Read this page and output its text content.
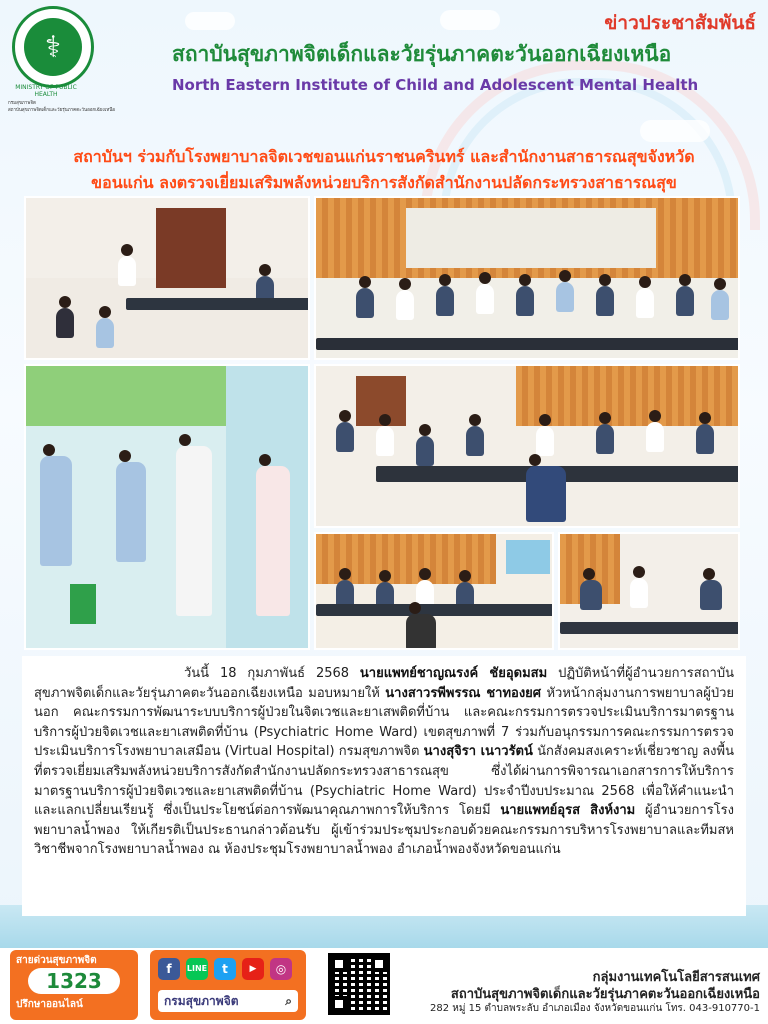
⚕
MINISTRY OF PUBLIC HEALTH
กรมสุขภาพจิต
สถาบันสุขภาพจิตเด็กและวัยรุ่นภาคตะวันออกเฉียงเหนือ
ข่าวประชาสัมพันธ์
สถาบันสุขภาพจิตเด็กและวัยรุ่นภาคตะวันออกเฉียงเหนือ
North Eastern Institute of Child and Adolescent Mental Health
สถาบันฯ ร่วมกับโรงพยาบาลจิตเวชขอนแก่นราชนครินทร์ และสำนักงานสาธารณสุขจังหวัด
ขอนแก่น ลงตรวจเยี่ยมเสริมพลังหน่วยบริการสังกัดสำนักงานปลัดกระทรวงสาธารณสุข
วันนี้ 18 กุมภาพันธ์ 2568 นายแพทย์ชาญณรงค์ ชัยอุดมสม ปฏิบัติหน้าที่ผู้อำนวยการสถาบันสุขภาพจิตเด็กและวัยรุ่นภาคตะวันออกเฉียงเหนือ มอบหมายให้ นางสาวรพีพรรณ ชาทองยศ หัวหน้ากลุ่มงานการพยาบาลผู้ป่วยนอก คณะกรรมการพัฒนาระบบบริการผู้ป่วยในจิตเวชและยาเสพติดที่บ้าน และคณะกรรมการตรวจประเมินบริการมาตรฐานบริการผู้ป่วยจิตเวชและยาเสพติดที่บ้าน (Psychiatric Home Ward) เขตสุขภาพที่ 7 ร่วมกับอนุกรรมการคณะกรรมการตรวจประเมินบริการโรงพยาบาลเสมือน (Virtual Hospital) กรมสุขภาพจิต นางสุจิรา เนาวรัตน์ นักสังคมสงเคราะห์เชี่ยวชาญ ลงพื้นที่ตรวจเยี่ยมเสริมพลังหน่วยบริการสังกัดสำนักงานปลัดกระทรวงสาธารณสุข ซึ่งได้ผ่านการพิจารณาเอกสารการให้บริการมาตรฐานบริการผู้ป่วยจิตเวชและยาเสพติดที่บ้าน (Psychiatric Home Ward) ประจำปีงบประมาณ 2568 เพื่อให้คำแนะนำและแลกเปลี่ยนเรียนรู้ ซึ่งเป็นประโยชน์ต่อการพัฒนาคุณภาพการให้บริการ โดยมี นายแพทย์อุรส สิงห์งาม ผู้อำนวยการโรงพยาบาลน้ำพอง ให้เกียรติเป็นประธานกล่าวต้อนรับ ผู้เข้าร่วมประชุมประกอบด้วยคณะกรรมการบริหารโรงพยาบาลและทีมสหวิชาชีพจากโรงพยาบาลน้ำพอง ณ ห้องประชุมโรงพยาบาลน้ำพอง อำเภอน้ำพองจังหวัดขอนแก่น
สายด่วนสุขภาพจิต
1323
ปรึกษาออนไลน์
f	LINE	t	▶	◎
กรมสุขภาพจิต	⌕
กลุ่มงานเทคโนโลยีสารสนเทศ
สถาบันสุขภาพจิตเด็กและวัยรุ่นภาคตะวันออกเฉียงเหนือ
282 หมู่ 15 ตำบลพระลับ อำเภอเมือง จังหวัดขอนแก่น โทร. 043-910770-1
